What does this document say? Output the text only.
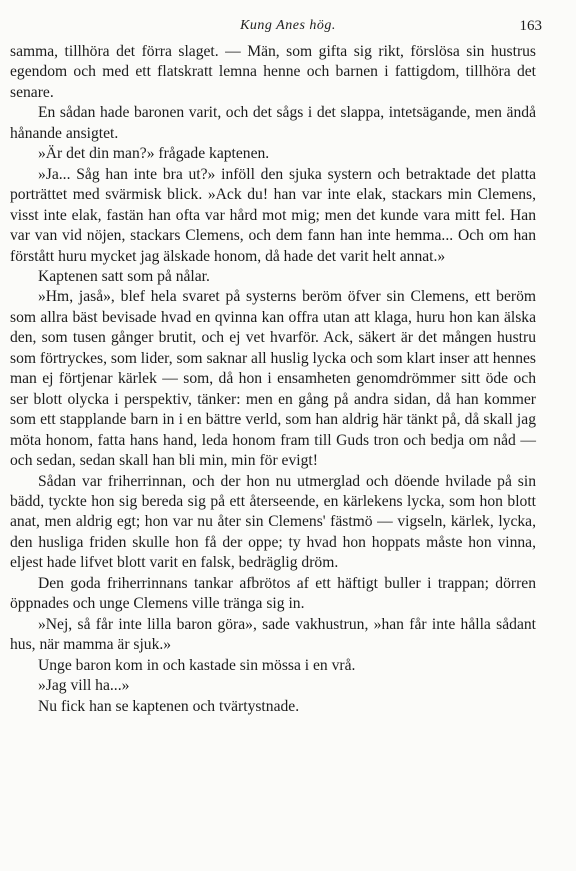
Kung Anes hög.	163

samma, tillhöra det förra slaget. — Män, som gifta sig rikt, förslösa sin hustrus egendom och med ett flatskratt lemna henne och barnen i fattigdom, tillhöra det senare.

En sådan hade baronen varit, och det sågs i det slappa, intetsägande, men ändå hånande ansigtet.

»Är det din man?» frågade kaptenen.

»Ja... Såg han inte bra ut?» inföll den sjuka systern och betraktade det platta porträttet med svärmisk blick. »Ack du! han var inte elak, stackars min Clemens, visst inte elak, fastän han ofta var hård mot mig; men det kunde vara mitt fel. Han var van vid nöjen, stackars Clemens, och dem fann han inte hemma... Och om han förstått huru mycket jag älskade honom, då hade det varit helt annat.»

Kaptenen satt som på nålar.

»Hm, jaså», blef hela svaret på systerns beröm öfver sin Clemens, ett beröm som allra bäst bevisade hvad en qvinna kan offra utan att klaga, huru hon kan älska den, som tusen gånger brutit, och ej vet hvarför. Ack, säkert är det mången hustru som förtryckes, som lider, som saknar all huslig lycka och som klart inser att hennes man ej förtjenar kärlek — som, då hon i ensamheten genomdrömmer sitt öde och ser blott olycka i perspektiv, tänker: men en gång på andra sidan, då han kommer som ett stapplande barn in i en bättre verld, som han aldrig här tänkt på, då skall jag möta honom, fatta hans hand, leda honom fram till Guds tron och bedja om nåd — och sedan, sedan skall han bli min, min för evigt!

Sådan var friherrinnan, och der hon nu utmerglad och döende hvilade på sin bädd, tyckte hon sig bereda sig på ett återseende, en kärlekens lycka, som hon blott anat, men aldrig egt; hon var nu åter sin Clemens' fästmö — vigseln, kärlek, lycka, den husliga friden skulle hon få der oppe; ty hvad hon hoppats måste hon vinna, eljest hade lifvet blott varit en falsk, bedräglig dröm.

Den goda friherrinnans tankar afbrötos af ett häftigt buller i trappan; dörren öppnades och unge Clemens ville tränga sig in.

»Nej, så får inte lilla baron göra», sade vakhustrun, »han får inte hålla sådant hus, när mamma är sjuk.»

Unge baron kom in och kastade sin mössa i en vrå.

»Jag vill ha...»

Nu fick han se kaptenen och tvärtystnade.
